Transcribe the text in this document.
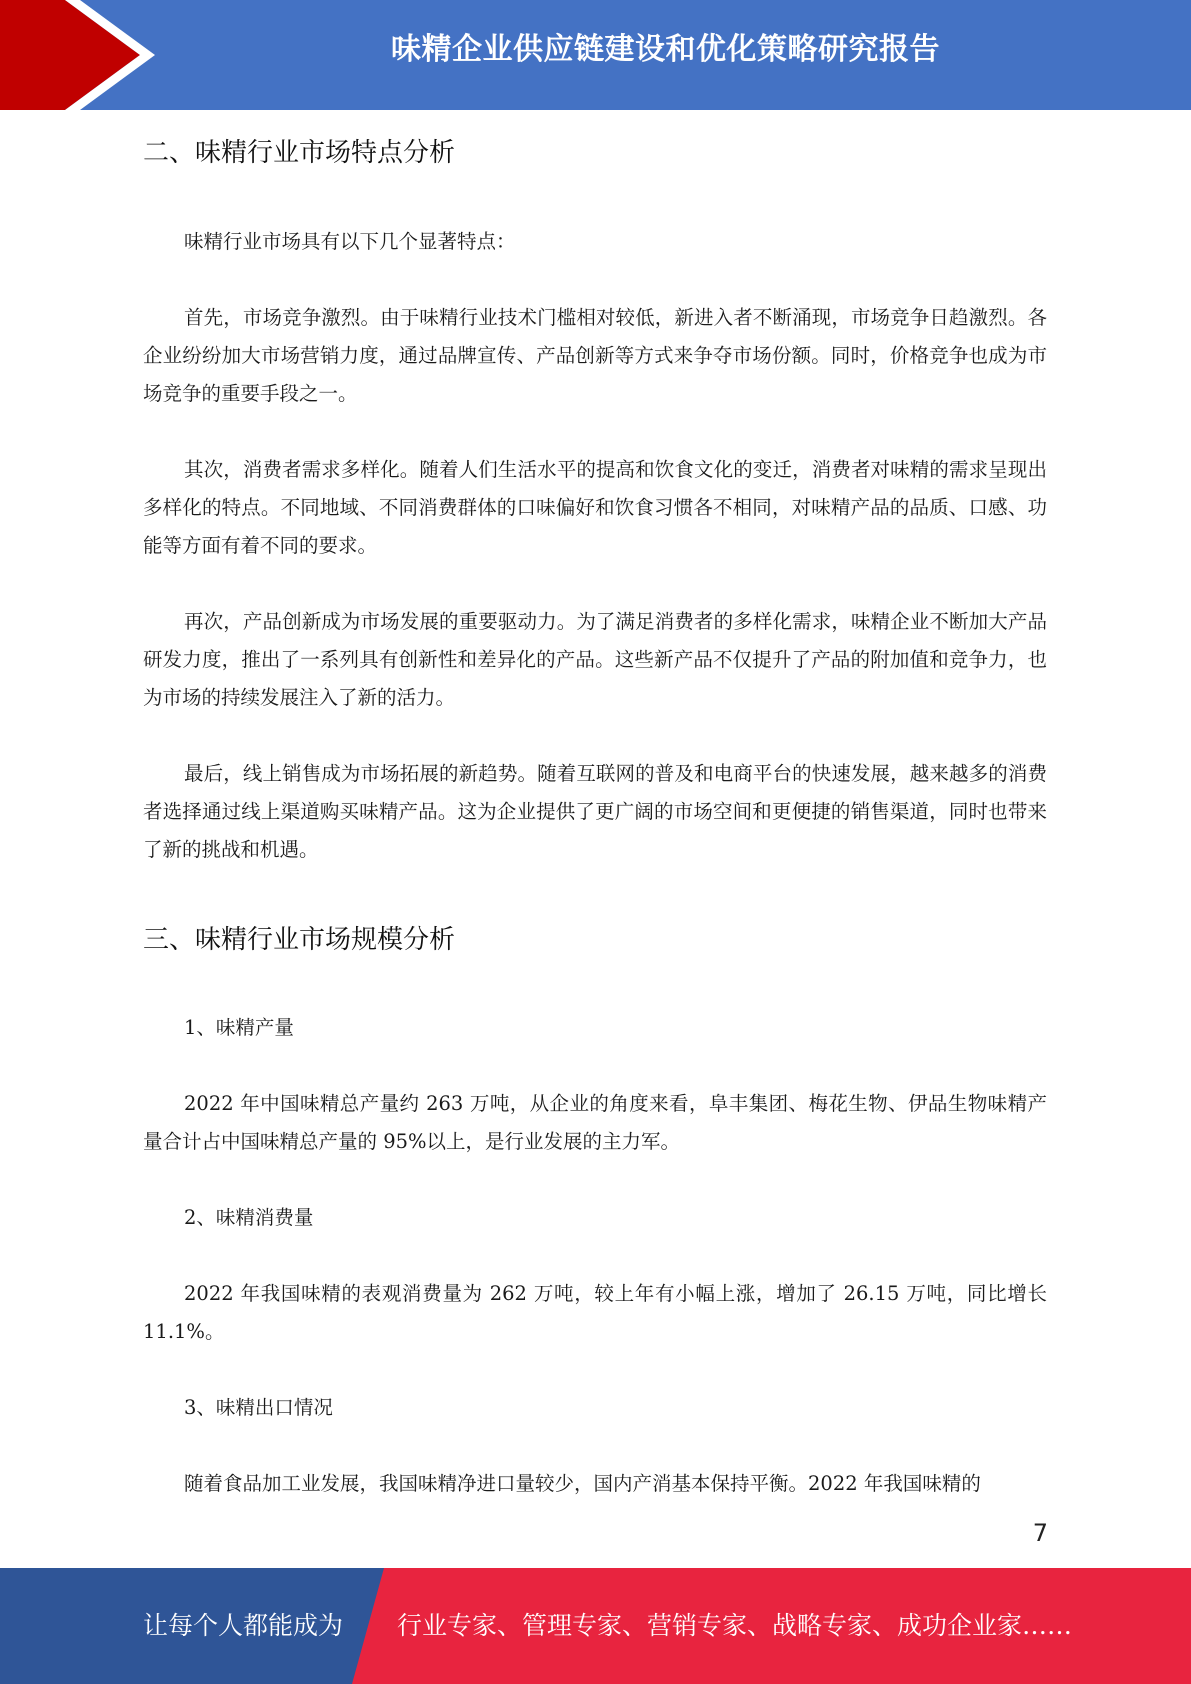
味精企业供应链建设和优化策略研究报告
二、味精行业市场特点分析

味精行业市场具有以下几个显著特点：

首先，市场竞争激烈。由于味精行业技术门槛相对较低，新进入者不断涌现，市场竞争日趋激烈。各企业纷纷加大市场营销力度，通过品牌宣传、产品创新等方式来争夺市场份额。同时，价格竞争也成为市场竞争的重要手段之一。

其次，消费者需求多样化。随着人们生活水平的提高和饮食文化的变迁，消费者对味精的需求呈现出多样化的特点。不同地域、不同消费群体的口味偏好和饮食习惯各不相同，对味精产品的品质、口感、功能等方面有着不同的要求。

再次，产品创新成为市场发展的重要驱动力。为了满足消费者的多样化需求，味精企业不断加大产品研发力度，推出了一系列具有创新性和差异化的产品。这些新产品不仅提升了产品的附加值和竞争力，也为市场的持续发展注入了新的活力。

最后，线上销售成为市场拓展的新趋势。随着互联网的普及和电商平台的快速发展，越来越多的消费者选择通过线上渠道购买味精产品。这为企业提供了更广阔的市场空间和更便捷的销售渠道，同时也带来了新的挑战和机遇。

三、味精行业市场规模分析

1、味精产量

2022 年中国味精总产量约 263 万吨，从企业的角度来看，阜丰集团、梅花生物、伊品生物味精产量合计占中国味精总产量的 95%以上，是行业发展的主力军。

2、味精消费量

2022 年我国味精的表观消费量为 262 万吨，较上年有小幅上涨，增加了 26.15 万吨，同比增长 11.1%。

3、味精出口情况

随着食品加工业发展，我国味精净进口量较少，国内产消基本保持平衡。2022 年我国味精的

7
让每个人都能成为 行业专家、管理专家、营销专家、战略专家、成功企业家……
